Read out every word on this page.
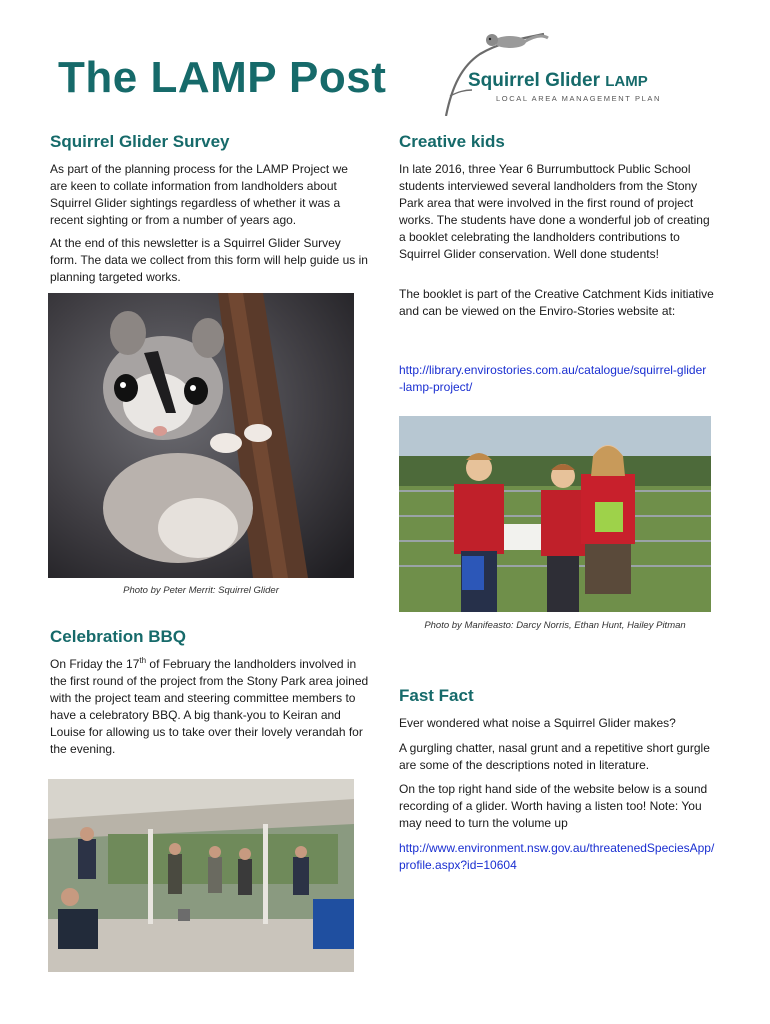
The LAMP Post	Squirrel Glider LAMP
LOCAL AREA MANAGEMENT PLAN
Squirrel Glider Survey

As part of the planning process for the LAMP Project we are keen to collate information from landholders about Squirrel Glider sightings regardless of whether it was a recent sighting or from a number of years ago.

At the end of this newsletter is a Squirrel Glider Survey form. The data we collect from this form will help guide us in planning targeted works.

Photo by Peter Merrit: Squirrel Glider
Celebration BBQ

On Friday the 17th of February the landholders involved in the first round of the project from the Stony Park area joined with the project team and steering committee members to have a celebratory BBQ. A big thank-you to Keiran and Louise for allowing us to take over their lovely verandah for the evening.

Creative kids

In late 2016, three Year 6 Burrumbuttock Public School students interviewed several landholders from the Stony Park area that were involved in the first round of project works. The students have done a wonderful job of creating a booklet celebrating the landholders contributions to Squirrel Glider conservation. Well done students!

The booklet is part of the Creative Catchment Kids initiative and can be viewed on the Enviro-Stories website at:

http://library.envirostories.com.au/catalogue/squirrel-glider-lamp-project/
Photo by Manifeasto: Darcy Norris, Ethan Hunt, Hailey Pitman
Fast Fact

Ever wondered what noise a Squirrel Glider makes?

A gurgling chatter, nasal grunt and a repetitive short gurgle are some of the descriptions noted in literature.

On the top right hand side of the website below is a sound recording of a glider. Worth having a listen too! Note: You may need to turn the volume up

http://www.environment.nsw.gov.au/threatenedSpeciesApp/profile.aspx?id=10604
